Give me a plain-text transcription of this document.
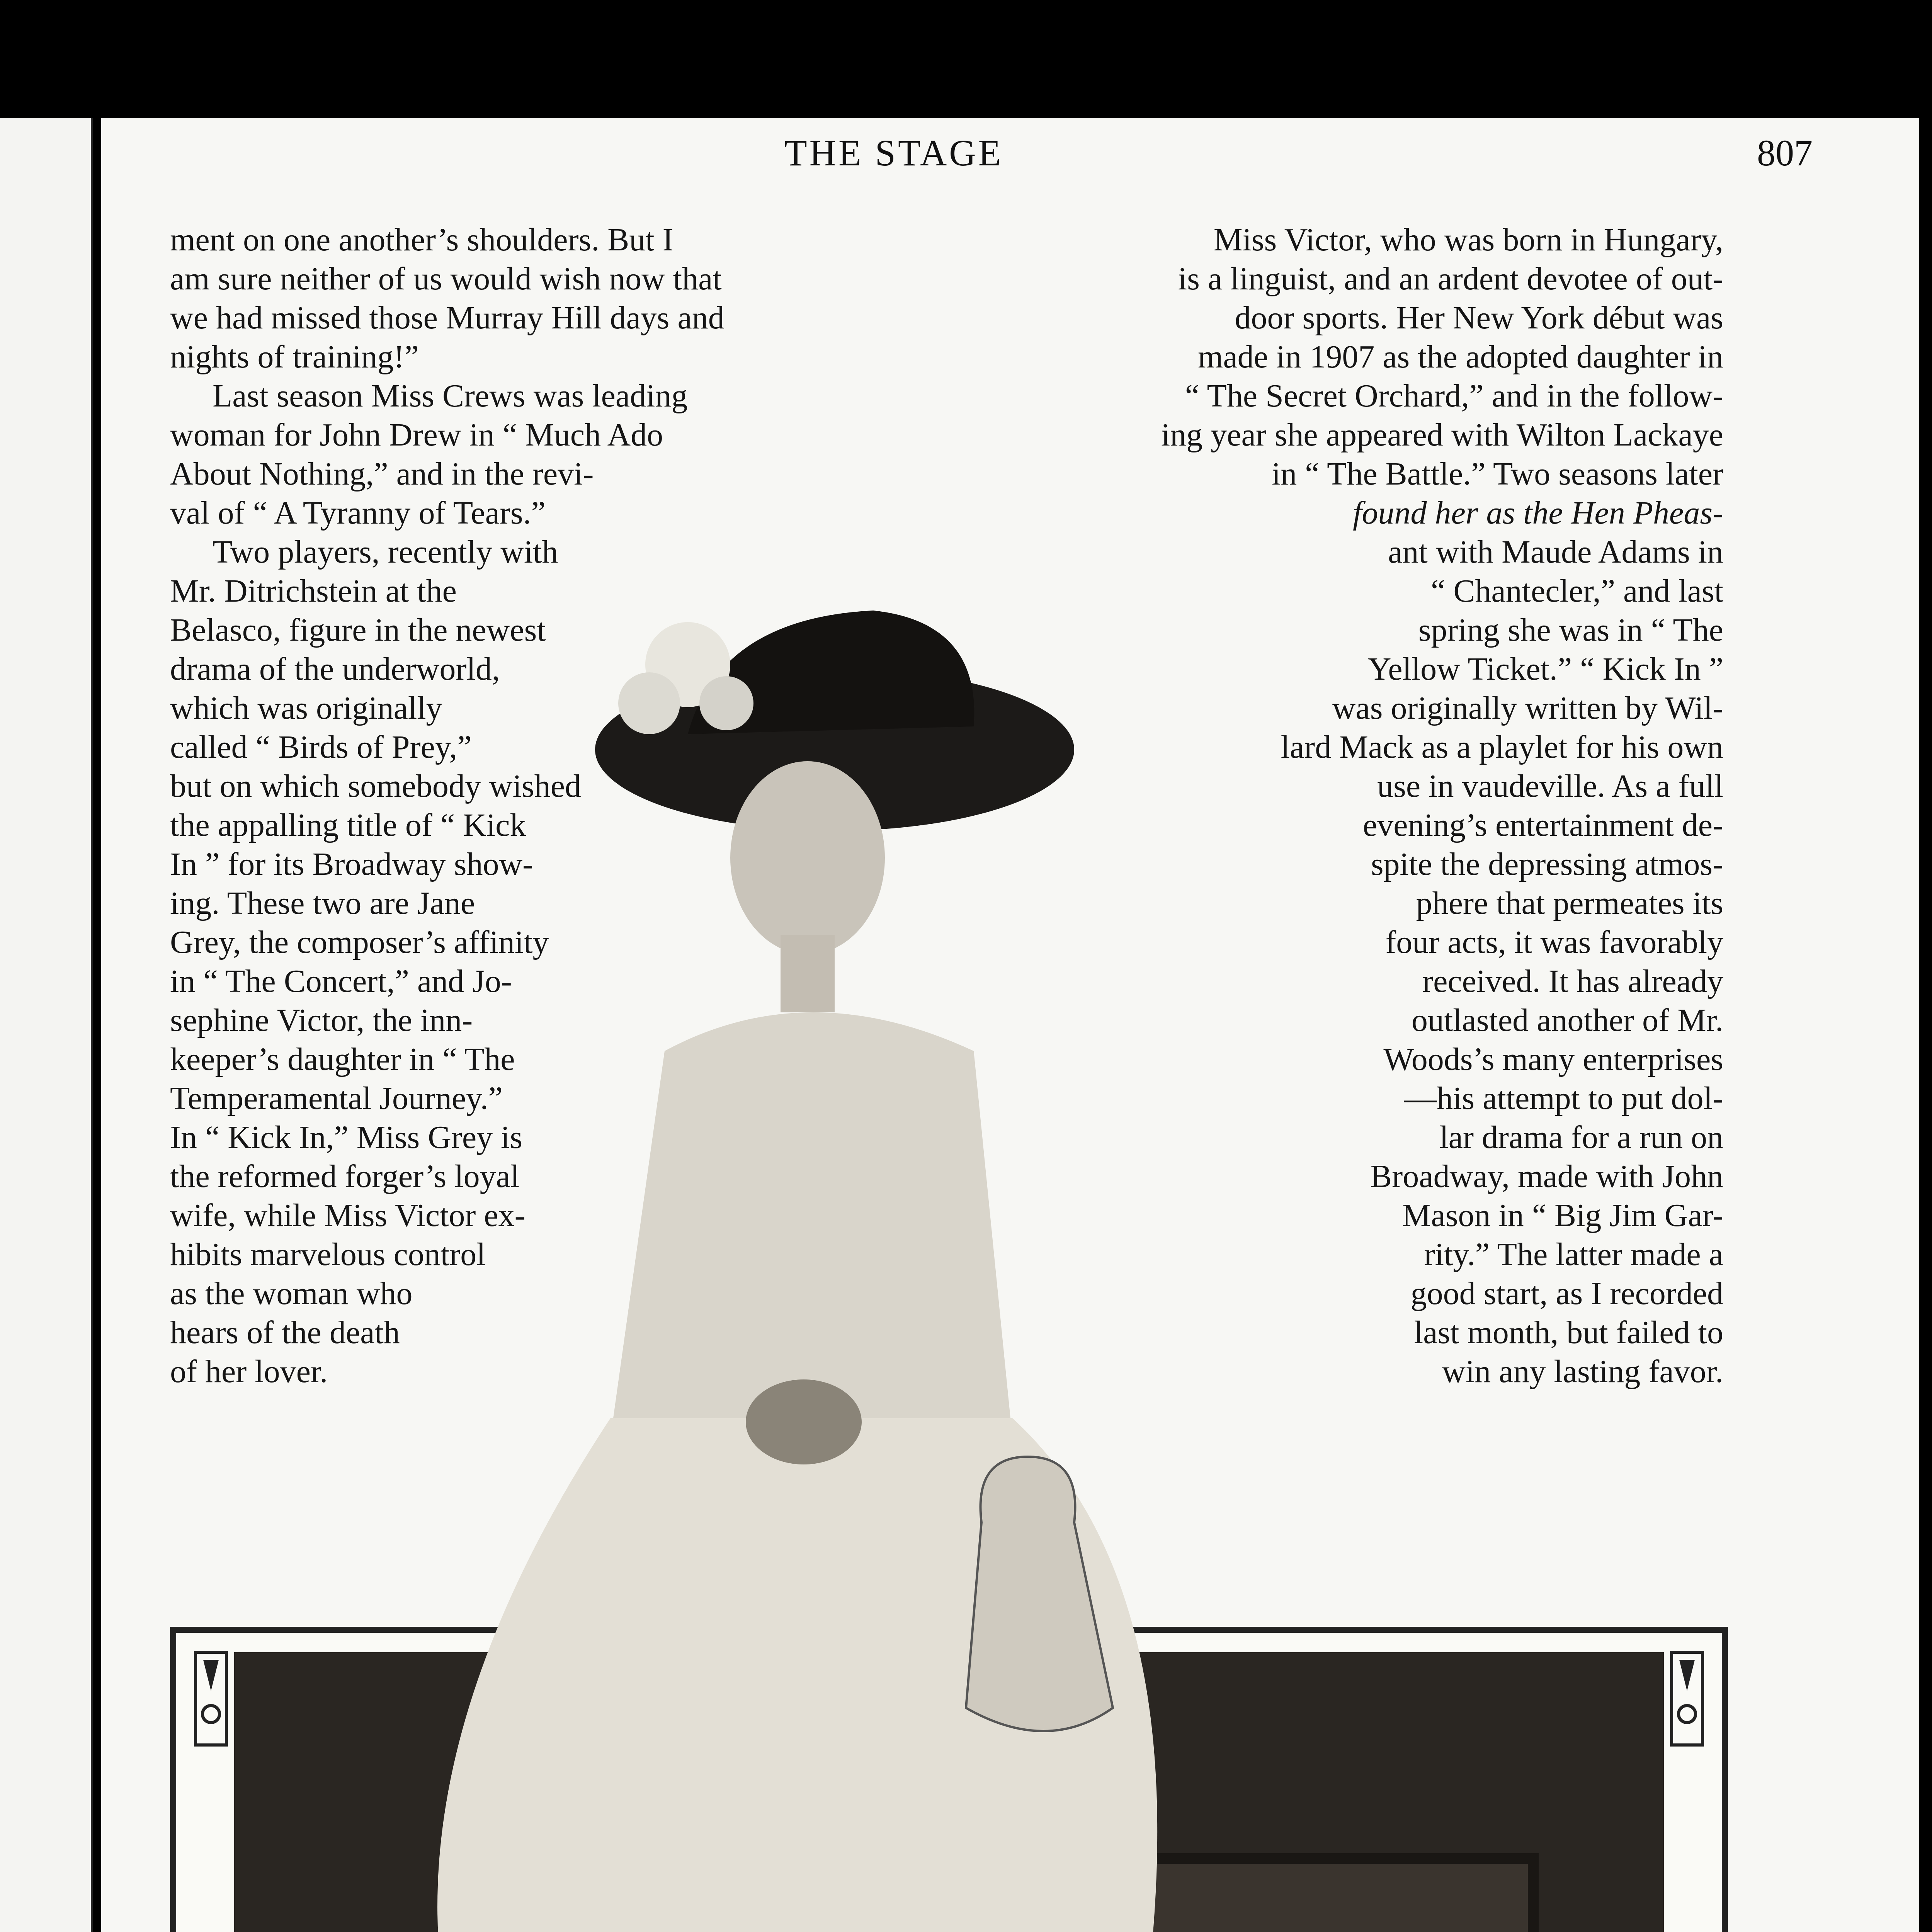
THE STAGE	807
ment on one another’s shoulders. But I
am sure neither of us would wish now that
we had missed those Murray Hill days and
nights of training!”
Last season Miss Crews was leading
woman for John Drew in “ Much Ado
About Nothing,” and in the revi-
val of “ A Tyranny of Tears.”
Two players, recently with
Mr. Ditrichstein at the
Belasco, figure in the newest
drama of the underworld,
which was originally
called “ Birds of Prey,”
but on which somebody wished
the appalling title of “ Kick
In ” for its Broadway show-
ing. These two are Jane
Grey, the composer’s affinity
in “ The Concert,” and Jo-
sephine Victor, the inn-
keeper’s daughter in “ The
Temperamental Journey.”
In “ Kick In,” Miss Grey is
the reformed forger’s loyal
wife, while Miss Victor ex-
hibits marvelous control
as the woman who
hears of the death
of her lover.
Miss Victor, who was born in Hungary,
is a linguist, and an ardent devotee of out-
door sports. Her New York début was
made in 1907 as the adopted daughter in
“ The Secret Orchard,” and in the follow-
ing year she appeared with Wilton Lackaye
in “ The Battle.” Two seasons later
found her as the Hen Pheas-
ant with Maude Adams in
“ Chantecler,” and last
spring she was in “ The
Yellow Ticket.” “ Kick In ”
was originally written by Wil-
lard Mack as a playlet for his own
use in vaudeville. As a full
evening’s entertainment de-
spite the depressing atmos-
phere that permeates its
four acts, it was favorably
received. It has already
outlasted another of Mr.
Woods’s many enterprises
—his attempt to put dol-
lar drama for a run on
Broadway, made with John
Mason in “ Big Jim Gar-
rity.” The latter made a
good start, as I recorded
last month, but failed to
win any lasting favor.
